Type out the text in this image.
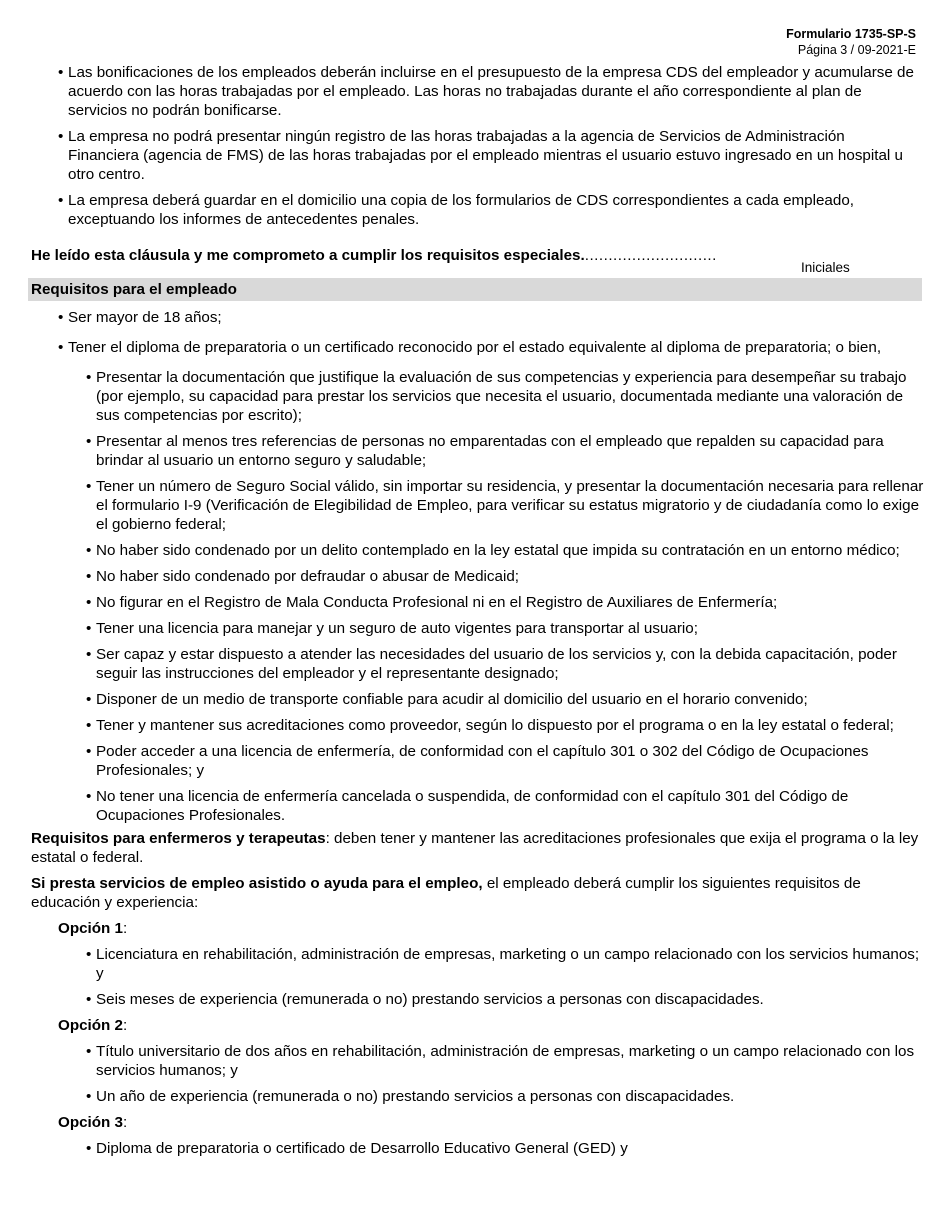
Formulario 1735-SP-S
Página 3 / 09-2021-E
• Las bonificaciones de los empleados deberán incluirse en el presupuesto de la empresa CDS del empleador y acumularse de acuerdo con las horas trabajadas por el empleado. Las horas no trabajadas durante el año correspondiente al plan de servicios no podrán bonificarse.
• La empresa no podrá presentar ningún registro de las horas trabajadas a la agencia de Servicios de Administración Financiera (agencia de FMS) de las horas trabajadas por el empleado mientras el usuario estuvo ingresado en un hospital u otro centro.
• La empresa deberá guardar en el domicilio una copia de los formularios de CDS correspondientes a cada empleado, exceptuando los informes de antecedentes penales.

He leído esta cláusula y me comprometo a cumplir los requisitos especiales.............................

Iniciales
Requisitos para el empleado
• Ser mayor de 18 años;
• Tener el diploma de preparatoria o un certificado reconocido por el estado equivalente al diploma de preparatoria; o bien,
• Presentar la documentación que justifique la evaluación de sus competencias y experiencia para desempeñar su trabajo (por ejemplo, su capacidad para prestar los servicios que necesita el usuario, documentada mediante una valoración de sus competencias por escrito);
• Presentar al menos tres referencias de personas no emparentadas con el empleado que repalden su capacidad para brindar al usuario un entorno seguro y saludable;
• Tener un número de Seguro Social válido, sin importar su residencia, y presentar la documentación necesaria para rellenar el formulario I-9 (Verificación de Elegibilidad de Empleo, para verificar su estatus migratorio y de ciudadanía como lo exige el gobierno federal;
• No haber sido condenado por un delito contemplado en la ley estatal que impida su contratación en un entorno médico;
• No haber sido condenado por defraudar o abusar de Medicaid;
• No figurar en el Registro de Mala Conducta Profesional ni en el Registro de Auxiliares de Enfermería;
• Tener una licencia para manejar y un seguro de auto vigentes para transportar al usuario;
• Ser capaz y estar dispuesto a atender las necesidades del usuario de los servicios y, con la debida capacitación, poder seguir las instrucciones del empleador y el representante designado;
• Disponer de un medio de transporte confiable para acudir al domicilio del usuario en el horario convenido;
• Tener y mantener sus acreditaciones como proveedor, según lo dispuesto por el programa o en la ley estatal o federal;
• Poder acceder a una licencia de enfermería, de conformidad con el capítulo 301 o 302 del Código de Ocupaciones Profesionales; y
• No tener una licencia de enfermería cancelada o suspendida, de conformidad con el capítulo 301 del Código de Ocupaciones Profesionales.

Requisitos para enfermeros y terapeutas: deben tener y mantener las acreditaciones profesionales que exija el programa o la ley estatal o federal.

Si presta servicios de empleo asistido o ayuda para el empleo, el empleado deberá cumplir los siguientes requisitos de educación y experiencia:

Opción 1:

• Licenciatura en rehabilitación, administración de empresas, marketing o un campo relacionado con los servicios humanos; y
• Seis meses de experiencia (remunerada o no) prestando servicios a personas con discapacidades.

Opción 2:

• Título universitario de dos años en rehabilitación, administración de empresas, marketing o un campo relacionado con los servicios humanos; y
• Un año de experiencia (remunerada o no) prestando servicios a personas con discapacidades.

Opción 3:

• Diploma de preparatoria o certificado de Desarrollo Educativo General (GED) y
